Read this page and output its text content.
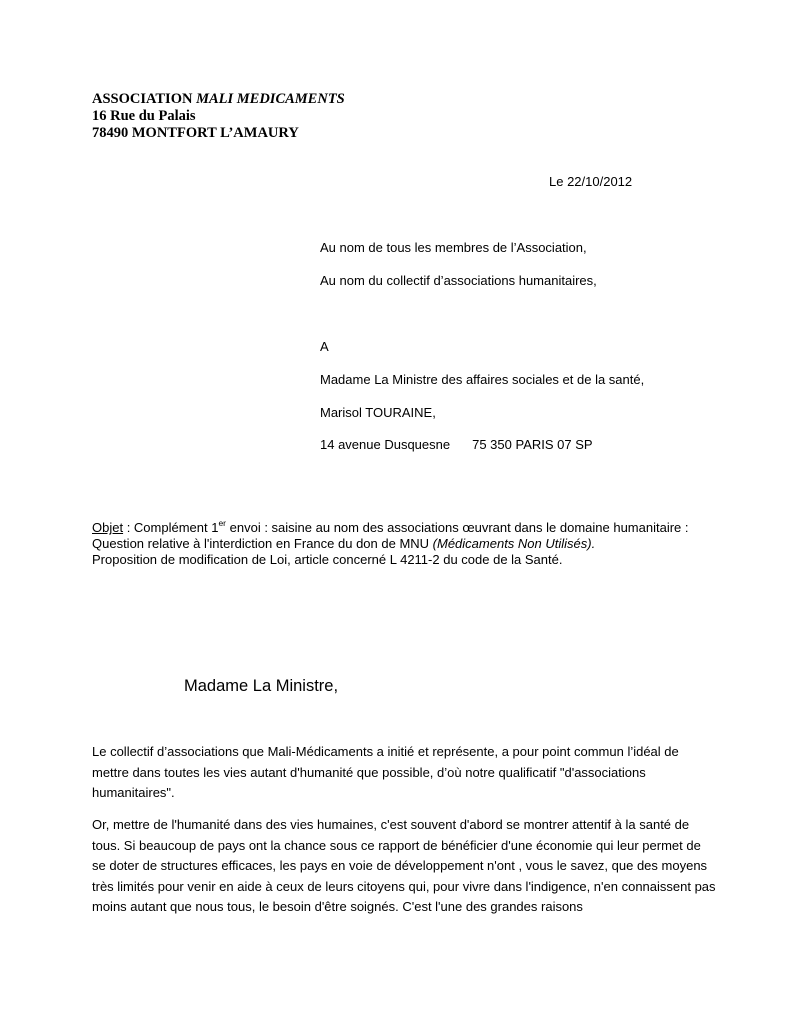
ASSOCIATION MALI MEDICAMENTS
16 Rue du Palais
78490 MONTFORT L’AMAURY
Le 22/10/2012
Au nom de tous les membres de l’Association,
Au nom du collectif d’associations humanitaires,
A
Madame La Ministre des affaires sociales et de la santé,
Marisol TOURAINE,
14 avenue Dusquesne 75 350 PARIS 07 SP
Objet : Complément 1er envoi : saisine au nom des associations œuvrant dans le domaine humanitaire :
Question relative à l'interdiction en France du don de MNU (Médicaments Non Utilisés).
Proposition de modification de Loi, article concerné L 4211-2 du code de la Santé.
Madame La Ministre,
Le collectif d’associations que Mali-Médicaments a initié et représente, a pour point commun l’idéal de mettre dans toutes les vies autant d'humanité que possible, d’où notre qualificatif "d'associations humanitaires".
Or, mettre de l'humanité dans des vies humaines, c'est souvent d'abord se montrer attentif à la santé de tous. Si beaucoup de pays ont la chance sous ce rapport de bénéficier d'une économie qui leur permet de se doter de structures efficaces, les pays en voie de développement n'ont , vous le savez, que des moyens très limités pour venir en aide à ceux de leurs citoyens qui, pour vivre dans l'indigence, n'en connaissent pas moins autant que nous tous, le besoin d'être soignés. C'est l'une des grandes raisons
